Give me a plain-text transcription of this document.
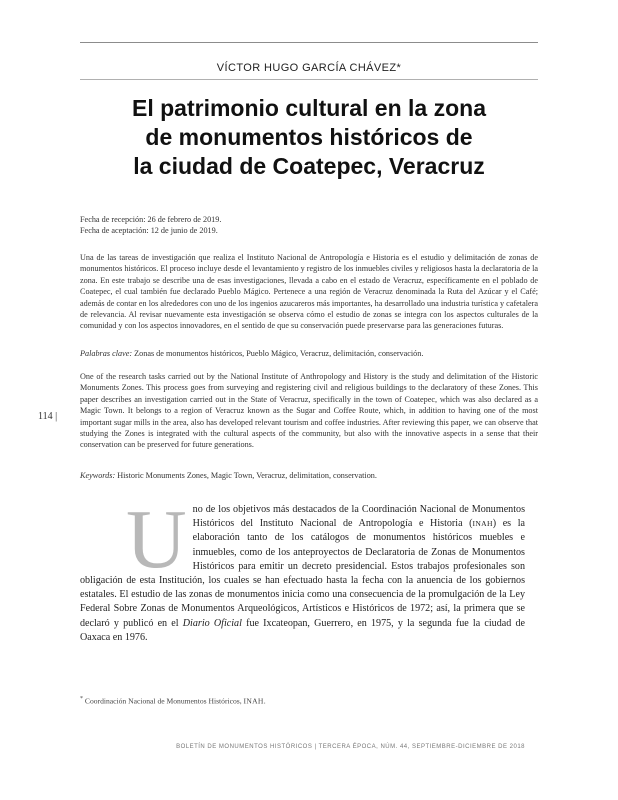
VÍCTOR HUGO GARCÍA CHÁVEZ*
El patrimonio cultural en la zona
de monumentos históricos de
la ciudad de Coatepec, Veracruz
Fecha de recepción: 26 de febrero de 2019.
Fecha de aceptación: 12 de junio de 2019.

Una de las tareas de investigación que realiza el Instituto Nacional de Antropología e Historia es el estudio y delimitación de zonas de monumentos históricos. El proceso incluye desde el levantamiento y registro de los inmuebles civiles y religiosos hasta la declaratoria de la zona. En este trabajo se describe una de esas investigaciones, llevada a cabo en el estado de Veracruz, específicamente en el poblado de Coatepec, el cual también fue declarado Pueblo Mágico. Pertenece a una región de Veracruz denominada la Ruta del Azúcar y el Café; además de contar en los alrededores con uno de los ingenios azucareros más importantes, ha desarrollado una industria turística y cafetalera de relevancia. Al revisar nuevamente esta investigación se observa cómo el estudio de zonas se integra con los aspectos culturales de la comunidad y con los aspectos innovadores, en el sentido de que su conservación puede preservarse para las generaciones futuras.

Palabras clave: Zonas de monumentos históricos, Pueblo Mágico, Veracruz, delimitación, conservación.

114 |

One of the research tasks carried out by the National Institute of Anthropology and History is the study and delimitation of the Historic Monuments Zones. This process goes from surveying and registering civil and religious buildings to the declaratory of these Zones. This paper describes an investigation carried out in the State of Veracruz, specifically in the town of Coatepec, which was also declared as a Magic Town. It belongs to a region of Veracruz known as the Sugar and Coffee Route, which, in addition to having one of the most important sugar mills in the area, also has developed relevant tourism and coffee industries. After reviewing this paper, we can observe that studying the Zones is integrated with the cultural aspects of the community, but also with the innovative aspects in a sense that their conservation can be preserved for future generations.

Keywords: Historic Monuments Zones, Magic Town, Veracruz, delimitation, conservation.

Uno de los objetivos más destacados de la Coordinación Nacional de Monumentos Históricos del Instituto Nacional de Antropología e Historia (INAH) es la elaboración tanto de los catálogos de monumentos históricos muebles e inmuebles, como de los anteproyectos de Declaratoria de Zonas de Monumentos Históricos para emitir un decreto presidencial. Estos trabajos profesionales son obligación de esta Institución, los cuales se han efectuado hasta la fecha con la anuencia de los gobiernos estatales. El estudio de las zonas de monumentos inicia como una consecuencia de la promulgación de la Ley Federal Sobre Zonas de Monumentos Arqueológicos, Artísticos e Históricos de 1972; así, la primera que se declaró y publicó en el Diario Oficial fue Ixcateopan, Guerrero, en 1975, y la segunda fue la ciudad de Oaxaca en 1976.

* Coordinación Nacional de Monumentos Históricos, INAH.
BOLETÍN DE MONUMENTOS HISTÓRICOS | TERCERA ÉPOCA, NÚM. 44, SEPTIEMBRE-DICIEMBRE DE 2018
